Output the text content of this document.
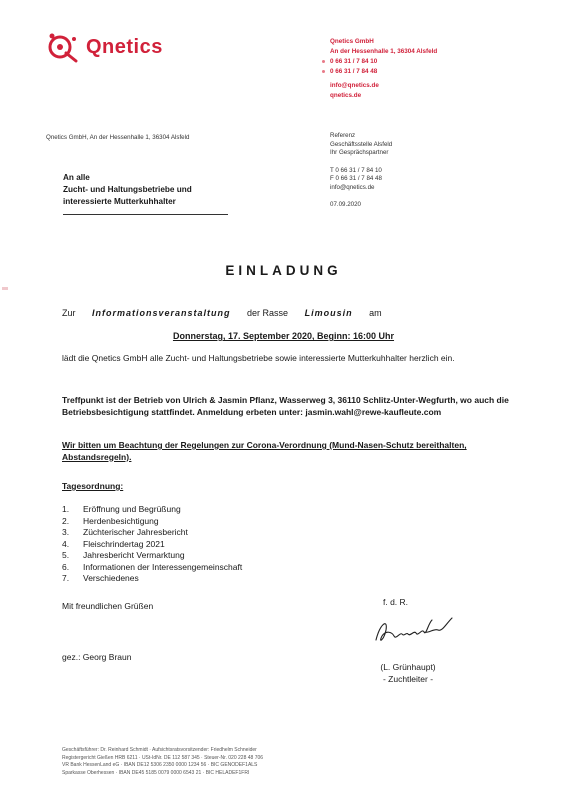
Qnetics	Qnetics GmbH
An der Hessenhalle 1, 36304 Alsfeld
0 66 31 / 7 84 10
0 66 31 / 7 84 48
info@qnetics.de
qnetics.de
Qnetics GmbH, An der Hessenhalle 1, 36304 Alsfeld	Referenz
Geschäftsstelle Alsfeld
Ihr Gesprächspartner
T 0 66 31 / 7 84 10
F 0 66 31 / 7 84 48
info@qnetics.de
07.09.2020
An alle
Zucht- und Haltungsbetriebe und
interessierte Mutterkuhhalter
EINLADUNG
Zur Informationsveranstaltung der Rasse Limousin am
Donnerstag, 17. September 2020, Beginn: 16:00 Uhr
lädt die Qnetics GmbH alle Zucht- und Haltungsbetriebe sowie interessierte Mutterkuhhalter herzlich ein.
Treffpunkt ist der Betrieb von Ulrich & Jasmin Pflanz, Wasserweg 3, 36110 Schlitz-Unter-Wegfurth, wo auch die Betriebsbesichtigung stattfindet. Anmeldung erbeten unter: jasmin.wahl@rewe-kaufleute.com
Wir bitten um Beachtung der Regelungen zur Corona-Verordnung (Mund-Nasen-Schutz bereithalten, Abstandsregeln).
Tagesordnung:
1.	Eröffnung und Begrüßung
2.	Herdenbesichtigung
3.	Züchterischer Jahresbericht
4.	Fleischrindertag 2021
5.	Jahresbericht Vermarktung
6.	Informationen der Interessengemeinschaft
7.	Verschiedenes
Mit freundlichen Grüßen	f. d. R.
gez.: Georg Braun
(L. Grünhaupt)
- Zuchtleiter -
Geschäftsführer: Dr. Reinhard Schmidt · Aufsichtsratsvorsitzender: Friedhelm Schneider
Registergericht Gießen HRB 6211 · USt-IdNr. DE 112 587 345 · Steuer-Nr. 020 228 48 706
VR Bank HessenLand eG · IBAN DE12 5306 2350 0000 1234 56 · BIC GENODEF1ALS
Sparkasse Oberhessen · IBAN DE45 5185 0079 0000 6543 21 · BIC HELADEF1FRI
